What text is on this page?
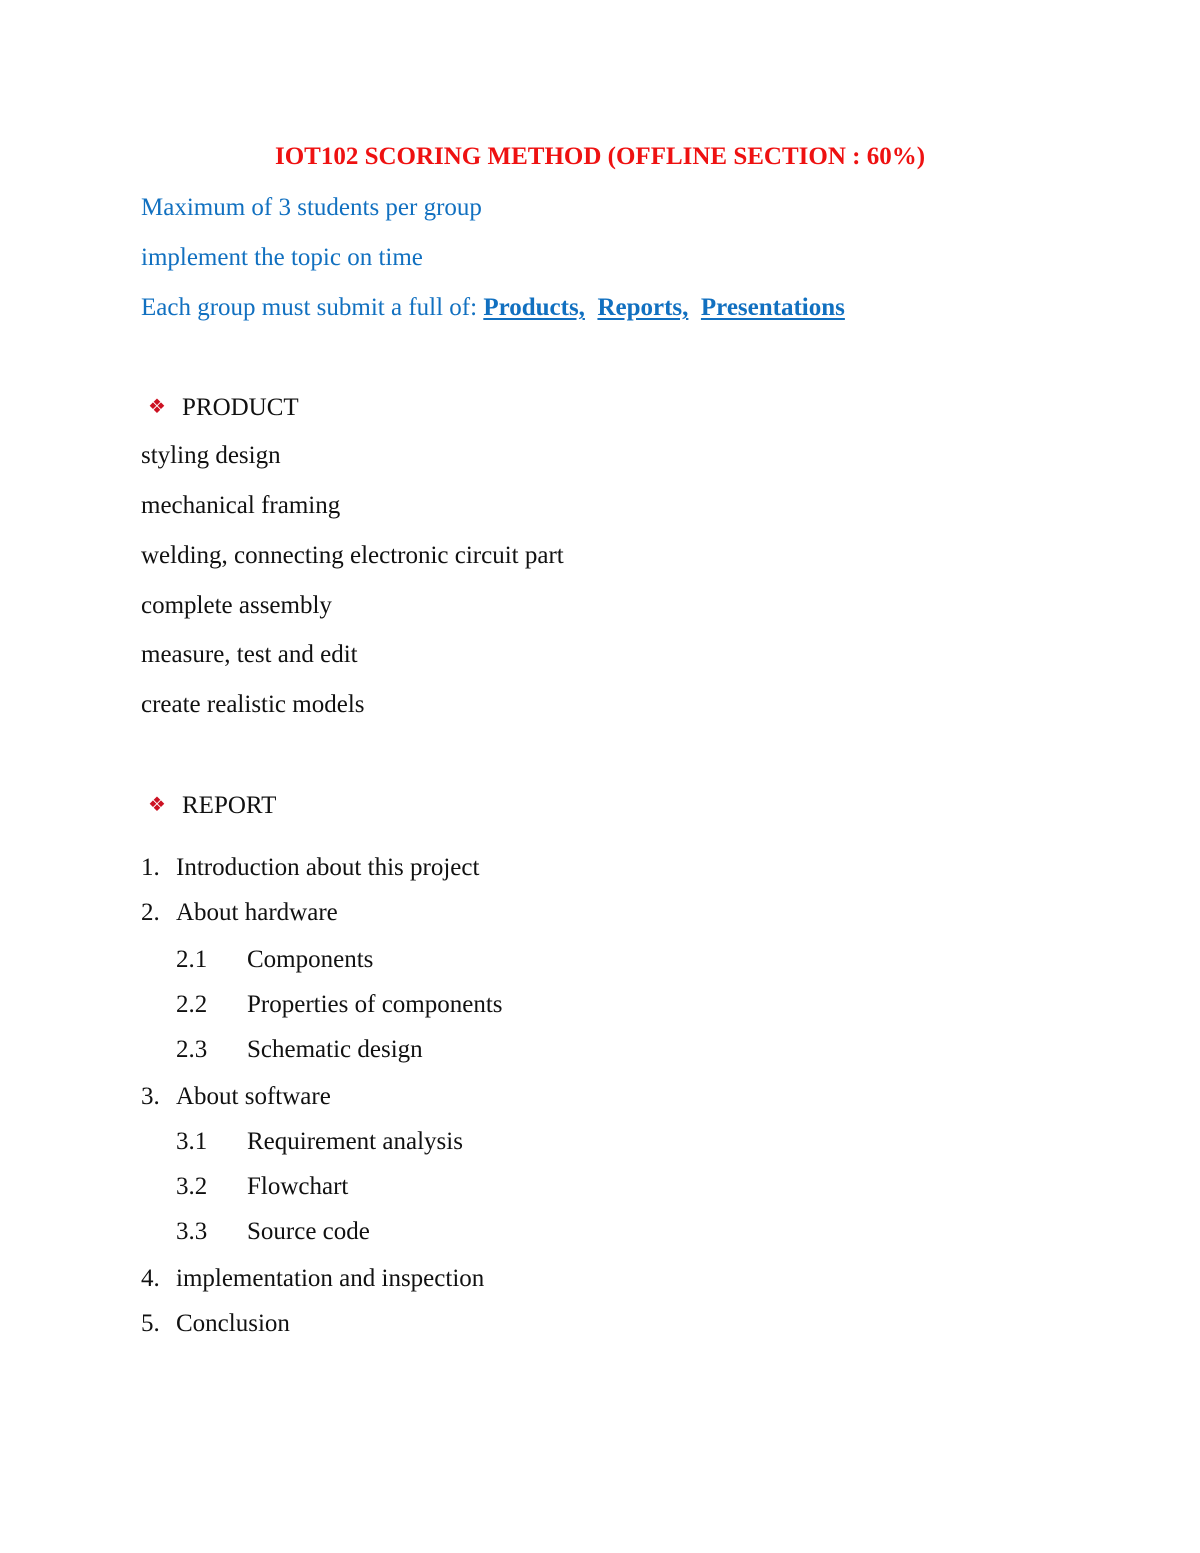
IOT102 SCORING METHOD (OFFLINE SECTION : 60%)
Maximum of 3 students per group
implement the topic on time
Each group must submit a full of: Products, Reports, Presentations
❖ PRODUCT
styling design
mechanical framing
welding, connecting electronic circuit part
complete assembly
measure, test and edit
create realistic models
❖ REPORT
1. Introduction about this project
2. About hardware
2.1 Components
2.2 Properties of components
2.3 Schematic design
3. About software
3.1 Requirement analysis
3.2 Flowchart
3.3 Source code
4. implementation and inspection
5. Conclusion
